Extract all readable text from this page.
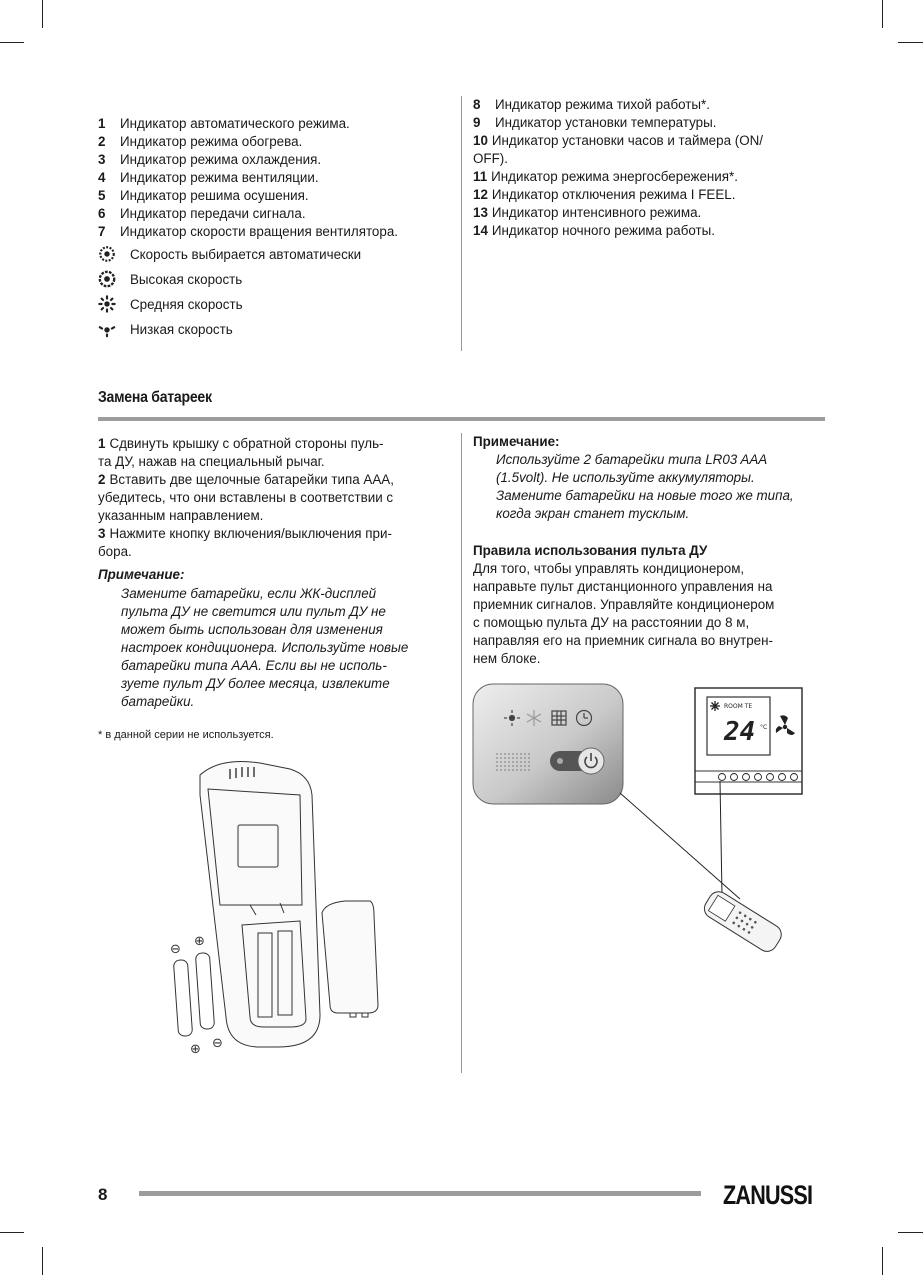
1 Индикатор автоматического режима.
2 Индикатор режима обогрева.
3 Индикатор режима охлаждения.
4 Индикатор режима вентиляции.
5 Индикатор решима осушения.
6 Индикатор передачи сигнала.
7 Индикатор скорости вращения вентилятора.
Скорость выбирается автоматически
Высокая скорость
Средняя скорость
Низкая скорость
8 Индикатор режима тихой работы*.
9 Индикатор установки температуры.
10 Индикатор установки часов и таймера (ON/
OFF).
11 Индикатор режима энергосбережения*.
12 Индикатор отключения режима I FEEL.
13 Индикатор интенсивного режима.
14 Индикатор ночного режима работы.
Замена батареек
1 Сдвинуть крышку с обратной стороны пуль-
та ДУ, нажав на специальный рычаг.
2 Вставить две щелочные батарейки типа AAA,
убедитесь, что они вставлены в соответствии с
указанным направлением.
3 Нажмите кнопку включения/выключения при-
бора.
Примечание:
Замените батарейки, если ЖК-дисплей
пульта ДУ не светится или пульт ДУ не
может быть использован для изменения
настроек кондиционера. Используйте новые
батарейки типа AAA. Если вы не исполь-
зуете пульт ДУ более месяца, извлеките
батарейки.
* в данной серии не используется.
⊖
⊕
⊕ ⊖
Примечание:
Используйте 2 батарейки типа LR03 AAA
(1.5volt). Не используйте аккумуляторы.
Замените батарейки на новые того же типа,
когда экран станет тусклым.
Правила использования пульта ДУ
Для того, чтобы управлять кондиционером,
направьте пульт дистанционного управления на
приемник сигналов. Управляйте кондиционером
с помощью пульта ДУ на расстоянии до 8 м,
направляя его на приемник сигнала во внутрен-
нем блоке.
ROOM TE
24 °C
8	ZANUSSI
